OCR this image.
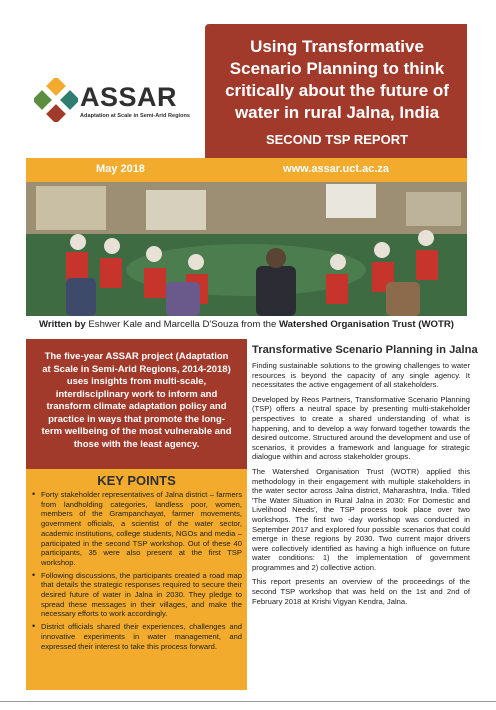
ASSAR
Adaptation at Scale in Semi-Arid Regions
Using Transformative Scenario Planning to think critically about the future of water in rural Jalna, India
SECOND TSP REPORT
May 2018	www.assar.uct.ac.za
Written by Eshwer Kale and Marcella D'Souza from the Watershed Organisation Trust (WOTR)
The five-year ASSAR project (Adaptation at Scale in Semi-Arid Regions, 2014-2018) uses insights from multi-scale, interdisciplinary work to inform and transform climate adaptation policy and practice in ways that promote the long-term wellbeing of the most vulnerable and those with the least agency.
KEY POINTS
• Forty stakeholder representatives of Jalna district – farmers from landholding categories, landless poor, women, members of the Grampanchayat, farmer movements, government officials, a scientist of the water sector, academic institutions, college students, NGOs and media – participated in the second TSP workshop. Out of these 40 participants, 35 were also present at the first TSP workshop.
• Following discussions, the participants created a road map that details the strategic responses required to secure their desired future of water in Jalna in 2030. They pledge to spread these messages in their villages, and make the necessary efforts to work accordingly.
• District officials shared their experiences, challenges and innovative experiments in water management, and expressed their interest to take this process forward.
Transformative Scenario Planning in Jalna

Finding sustainable solutions to the growing challenges to water resources is beyond the capacity of any single agency. It necessitates the active engagement of all stakeholders.

Developed by Reos Partners, Transformative Scenario Planning (TSP) offers a neutral space by presenting multi-stakeholder perspectives to create a shared understanding of what is happening, and to develop a way forward together towards the desired outcome. Structured around the development and use of scenarios, it provides a framework and language for strategic dialogue within and across stakeholder groups.

The Watershed Organisation Trust (WOTR) applied this methodology in their engagement with multiple stakeholders in the water sector across Jalna district, Maharashtra, India. Titled 'The Water Situation in Rural Jalna in 2030: For Domestic and Livelihood Needs', the TSP process took place over two workshops. The first two -day workshop was conducted in September 2017 and explored four possible scenarios that could emerge in these regions by 2030. Two current major drivers were collectively identified as having a high influence on future water conditions: 1) the implementation of government programmes and 2) collective action.

This report presents an overview of the proceedings of the second TSP workshop that was held on the 1st and 2nd of February 2018 at Krishi Vigyan Kendra, Jalna.
